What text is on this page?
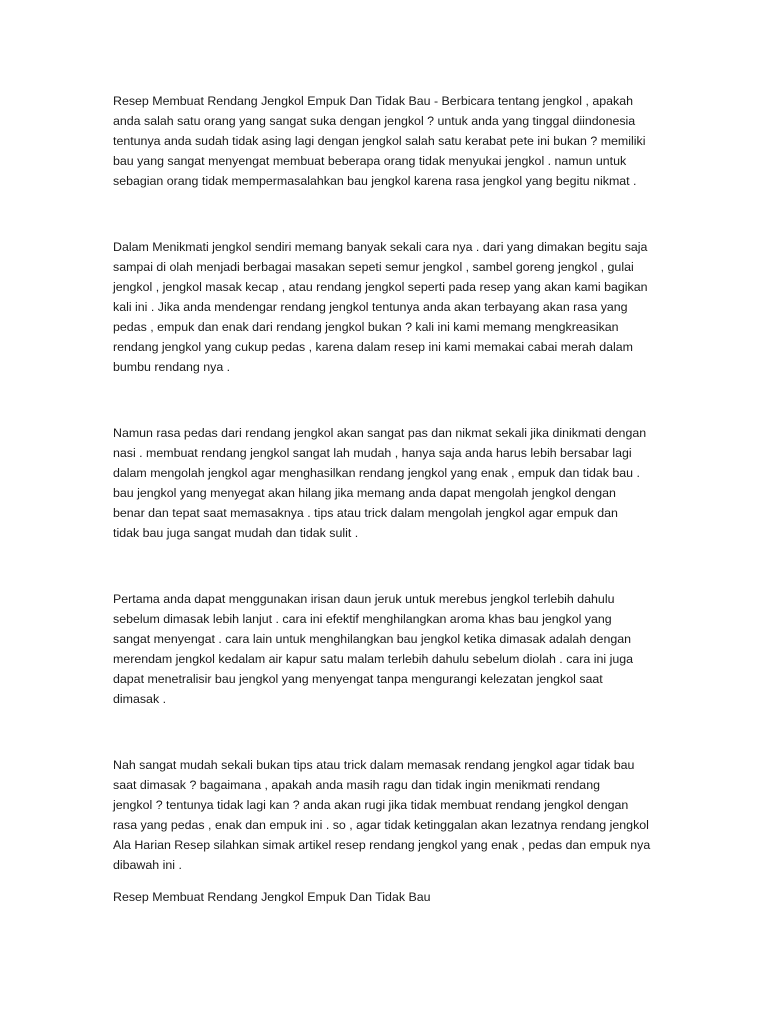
Resep Membuat Rendang Jengkol Empuk Dan Tidak Bau - Berbicara tentang jengkol , apakah
anda salah satu orang yang sangat suka dengan jengkol ? untuk anda yang tinggal diindonesia
tentunya anda sudah tidak asing lagi dengan jengkol salah satu kerabat pete ini bukan ? memiliki
bau yang sangat menyengat membuat beberapa orang tidak menyukai jengkol . namun untuk
sebagian orang tidak mempermasalahkan bau jengkol karena rasa jengkol yang begitu nikmat .
Dalam Menikmati jengkol sendiri memang banyak sekali cara nya . dari yang dimakan begitu saja
sampai di olah menjadi berbagai masakan sepeti semur jengkol , sambel goreng jengkol , gulai
jengkol , jengkol masak kecap , atau rendang jengkol seperti pada resep yang akan kami bagikan
kali ini . Jika anda mendengar rendang jengkol tentunya anda akan terbayang akan rasa yang
pedas , empuk dan enak dari rendang jengkol bukan ? kali ini kami memang mengkreasikan
rendang jengkol yang cukup pedas , karena dalam resep ini kami memakai cabai merah dalam
bumbu rendang nya .
Namun rasa pedas dari rendang jengkol akan sangat pas dan nikmat sekali jika dinikmati dengan
nasi . membuat rendang jengkol sangat lah mudah , hanya saja anda harus lebih bersabar lagi
dalam mengolah jengkol agar menghasilkan rendang jengkol yang enak , empuk dan tidak bau .
bau jengkol yang menyegat akan hilang jika memang anda dapat mengolah jengkol dengan
benar dan tepat saat memasaknya . tips atau trick dalam mengolah jengkol agar empuk dan
tidak bau juga sangat mudah dan tidak sulit .
Pertama anda dapat menggunakan irisan daun jeruk untuk merebus jengkol terlebih dahulu
sebelum dimasak lebih lanjut . cara ini efektif menghilangkan aroma khas bau jengkol yang
sangat menyengat . cara lain untuk menghilangkan bau jengkol ketika dimasak adalah dengan
merendam jengkol kedalam air kapur satu malam terlebih dahulu sebelum diolah . cara ini juga
dapat menetralisir bau jengkol yang menyengat tanpa mengurangi kelezatan jengkol saat
dimasak .
Nah sangat mudah sekali bukan tips atau trick dalam memasak rendang jengkol agar tidak bau
saat dimasak ? bagaimana , apakah anda masih ragu dan tidak ingin menikmati rendang
jengkol ? tentunya tidak lagi kan ? anda akan rugi jika tidak membuat rendang jengkol dengan
rasa yang pedas , enak dan empuk ini . so , agar tidak ketinggalan akan lezatnya rendang jengkol
Ala Harian Resep silahkan simak artikel resep rendang jengkol yang enak , pedas dan empuk nya
dibawah ini .
Resep Membuat Rendang Jengkol Empuk Dan Tidak Bau
